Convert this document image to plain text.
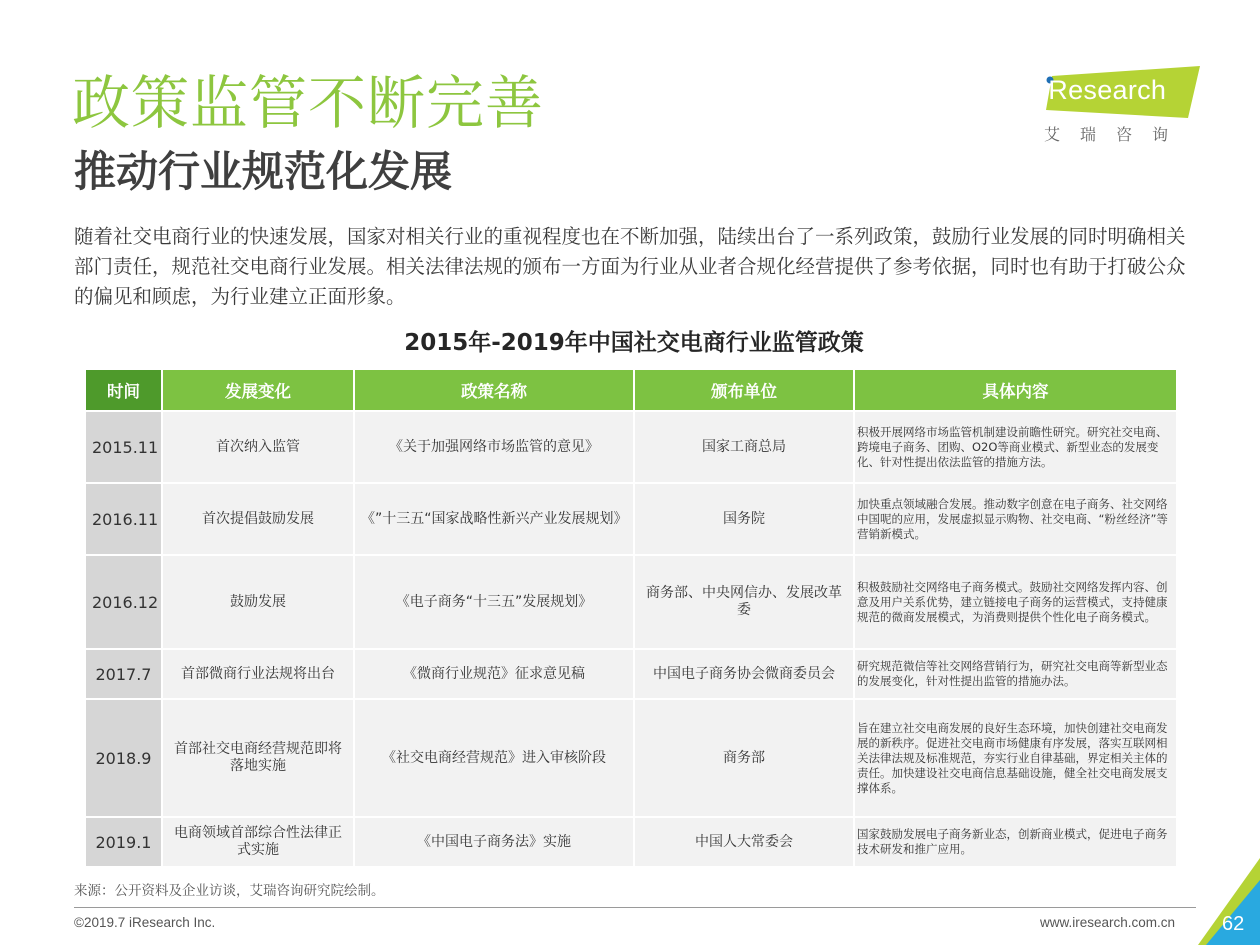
政策监管不断完善
推动行业规范化发展
iResearch
艾瑞咨询

随着社交电商行业的快速发展，国家对相关行业的重视程度也在不断加强，陆续出台了一系列政策，鼓励行业发展的同时明确相关部门责任，规范社交电商行业发展。相关法律法规的颁布一方面为行业从业者合规化经营提供了参考依据，同时也有助于打破公众的偏见和顾虑，为行业建立正面形象。

2015年-2019年中国社交电商行业监管政策
时间	发展变化	政策名称	颁布单位	具体内容
2015.11	首次纳入监管	《关于加强网络市场监管的意见》	国家工商总局	积极开展网络市场监管机制建设前瞻性研究。研究社交电商、跨境电子商务、团购、O2O等商业模式、新型业态的发展变化、针对性提出依法监管的措施方法。
2016.11	首次提倡鼓励发展	《”十三五“国家战略性新兴产业发展规划》	国务院	加快重点领域融合发展。推动数字创意在电子商务、社交网络中国呢的应用，发展虚拟显示购物、社交电商、“粉丝经济”等营销新模式。
2016.12	鼓励发展	《电子商务“十三五”发展规划》	商务部、中央网信办、发展改革委	积极鼓励社交网络电子商务模式。鼓励社交网络发挥内容、创意及用户关系优势，建立链接电子商务的运营模式，支持健康规范的微商发展模式，为消费则提供个性化电子商务模式。
2017.7	首部微商行业法规将出台	《微商行业规范》征求意见稿	中国电子商务协会微商委员会	研究规范微信等社交网络营销行为，研究社交电商等新型业态的发展变化，针对性提出监管的措施办法。
2018.9	首部社交电商经营规范即将落地实施	《社交电商经营规范》进入审核阶段	商务部	旨在建立社交电商发展的良好生态环境，加快创建社交电商发展的新秩序。促进社交电商市场健康有序发展，落实互联网相关法律法规及标准规范，夯实行业自律基础，界定相关主体的责任。加快建设社交电商信息基础设施，健全社交电商发展支撑体系。
2019.1	电商领域首部综合性法律正式实施	《中国电子商务法》实施	中国人大常委会	国家鼓励发展电子商务新业态，创新商业模式，促进电子商务技术研发和推广应用。
来源：公开资料及企业访谈，艾瑞咨询研究院绘制。
©2019.7 iResearch Inc.	www.iresearch.com.cn 62
